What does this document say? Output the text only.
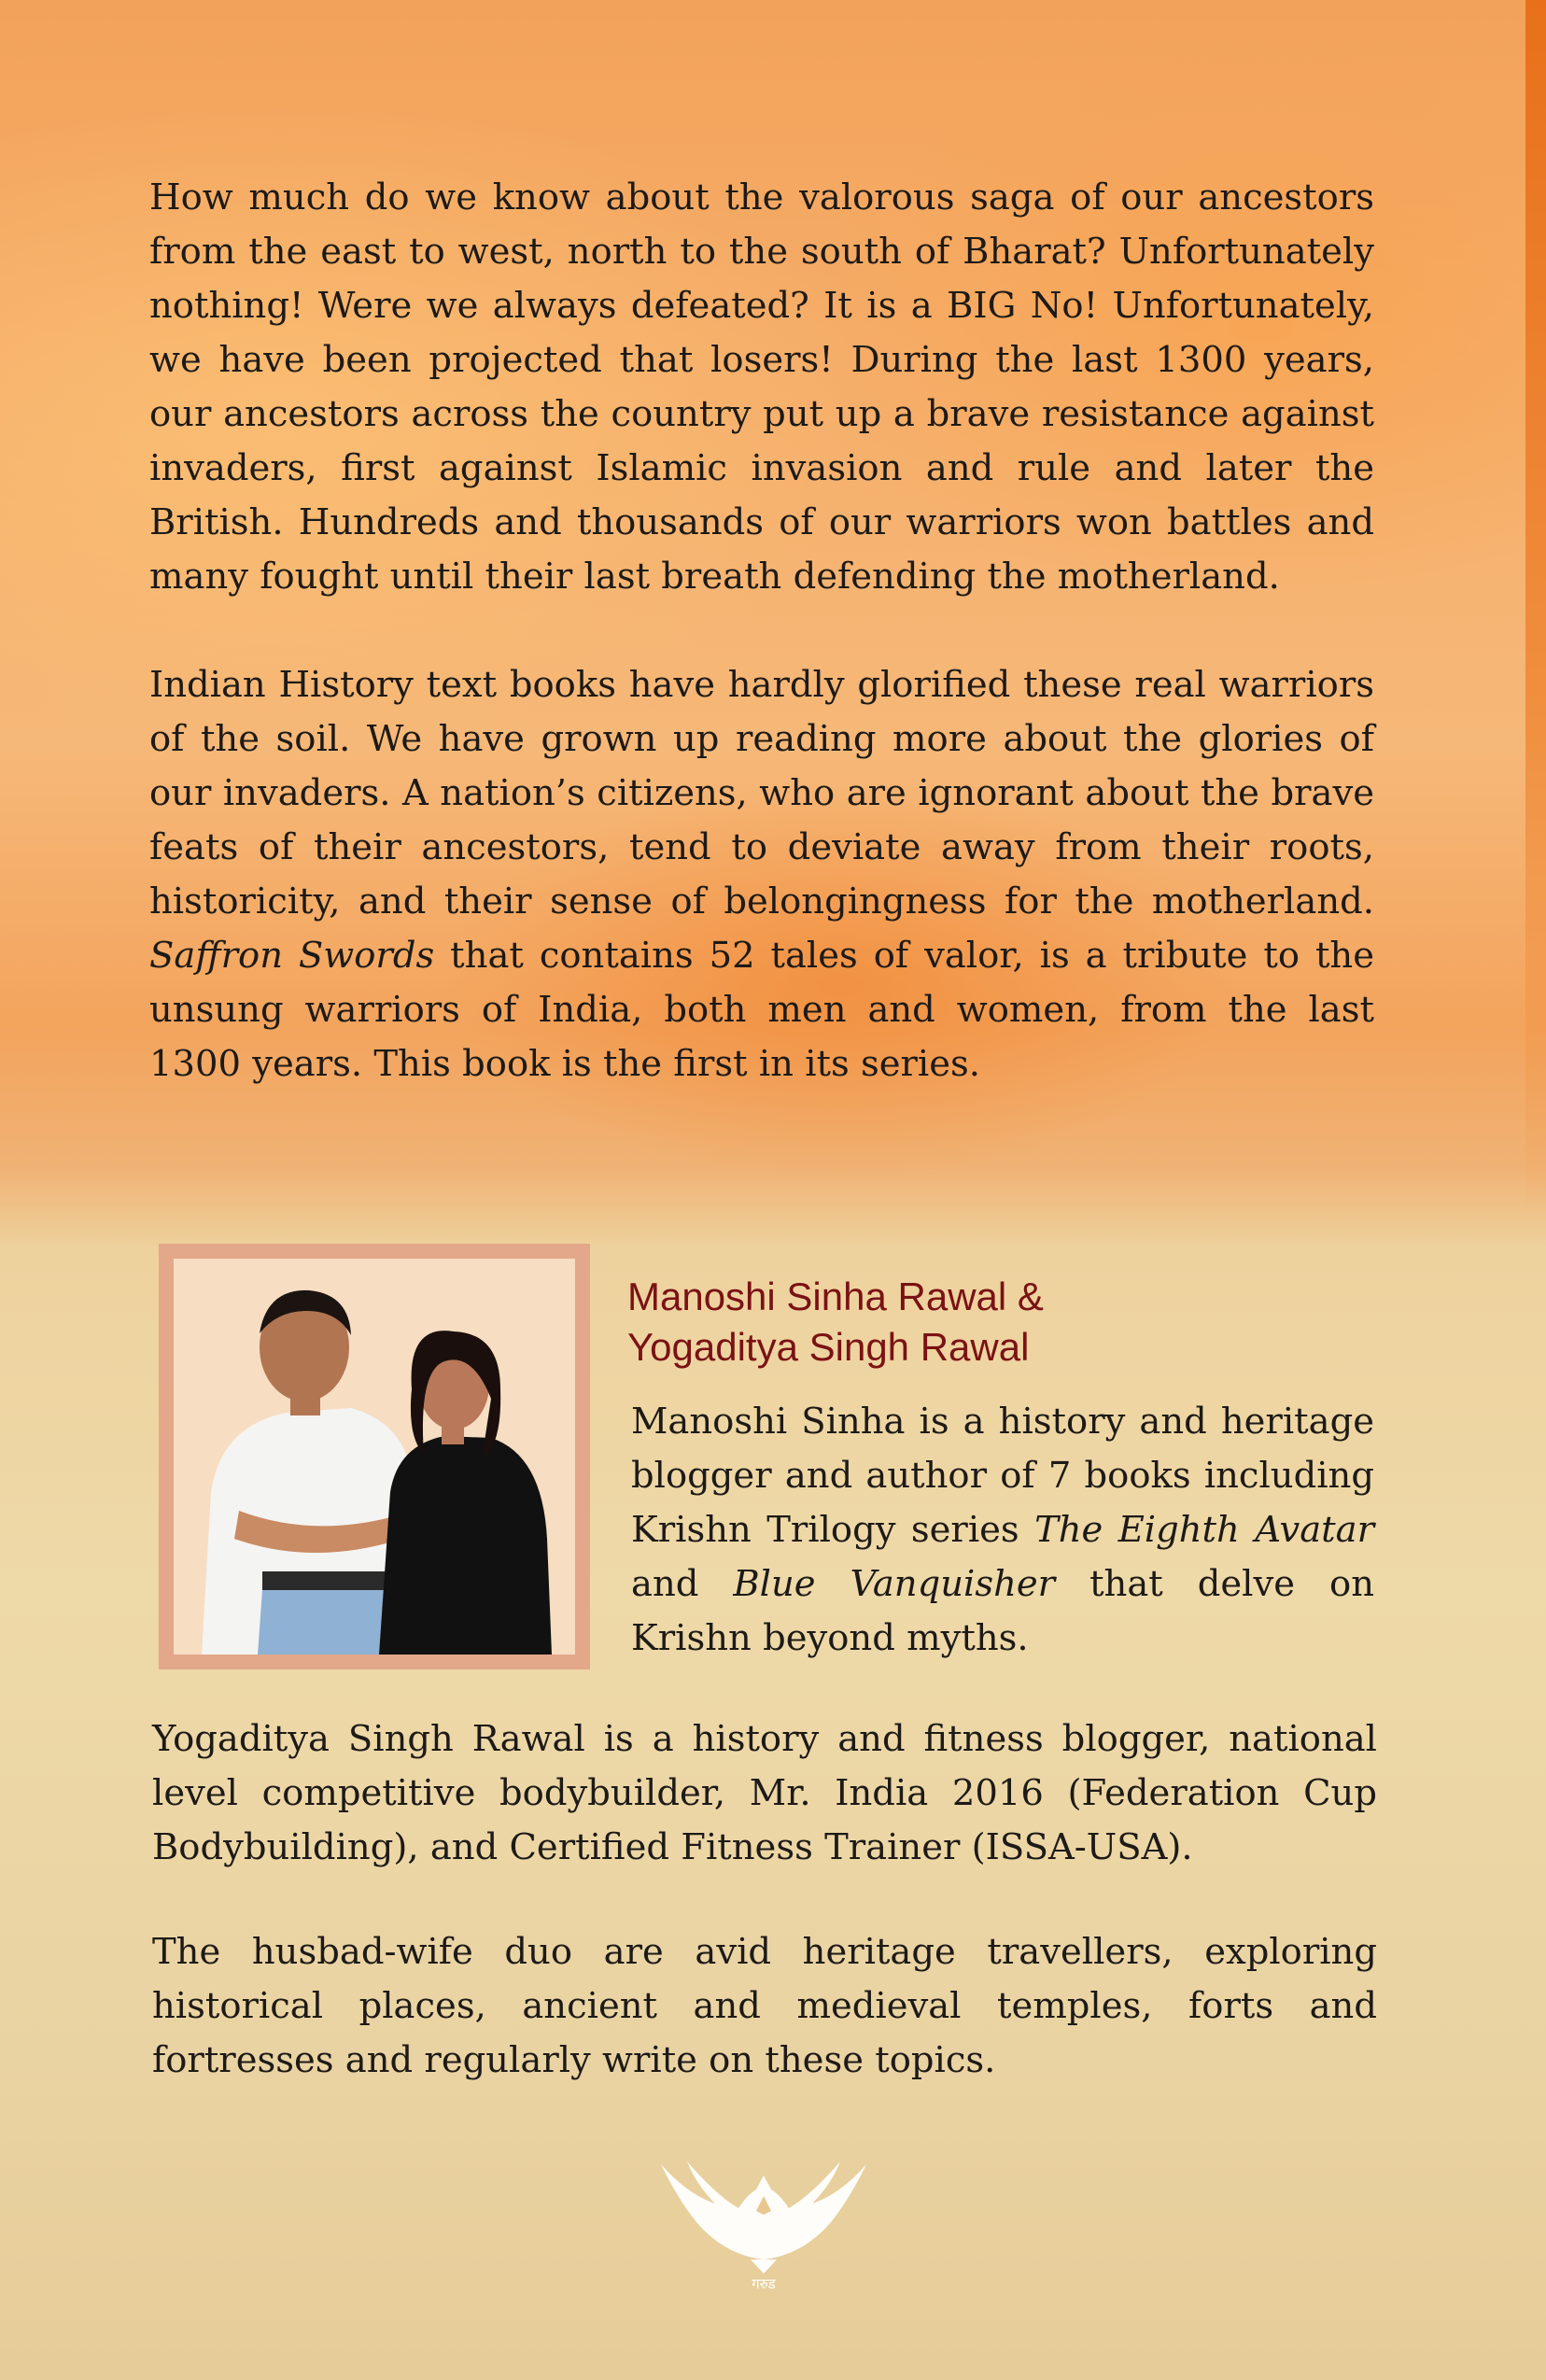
How much do we know about the valorous saga of our ancestors from the east to west, north to the south of Bharat? Unfortunately nothing! Were we always defeated? It is a BIG No! Unfortunately, we have been projected that losers! During the last 1300 years, our ancestors across the country put up a brave resistance against invaders, first against Islamic invasion and rule and later the British. Hundreds and thousands of our warriors won battles and many fought until their last breath defending the motherland.

Indian History text books have hardly glorified these real warriors of the soil. We have grown up reading more about the glories of our invaders. A nation’s citizens, who are ignorant about the brave feats of their ancestors, tend to deviate away from their roots, historicity, and their sense of belongingness for the motherland. Saffron Swords that contains 52 tales of valor, is a tribute to the unsung warriors of India, both men and women, from the last 1300 years. This book is the first in its series.

Manoshi Sinha Rawal &
Yogaditya Singh Rawal

Manoshi Sinha is a history and heritage blogger and author of 7 books including Krishn Trilogy series The Eighth Avatar and Blue Vanquisher that delve on Krishn beyond myths.

Yogaditya Singh Rawal is a history and fitness blogger, national level competitive bodybuilder, Mr. India 2016 (Federation Cup Bodybuilding), and Certified Fitness Trainer (ISSA-USA).

The husbad-wife duo are avid heritage travellers, exploring historical places, ancient and medieval temples, forts and fortresses and regularly write on these topics.

गरुड
